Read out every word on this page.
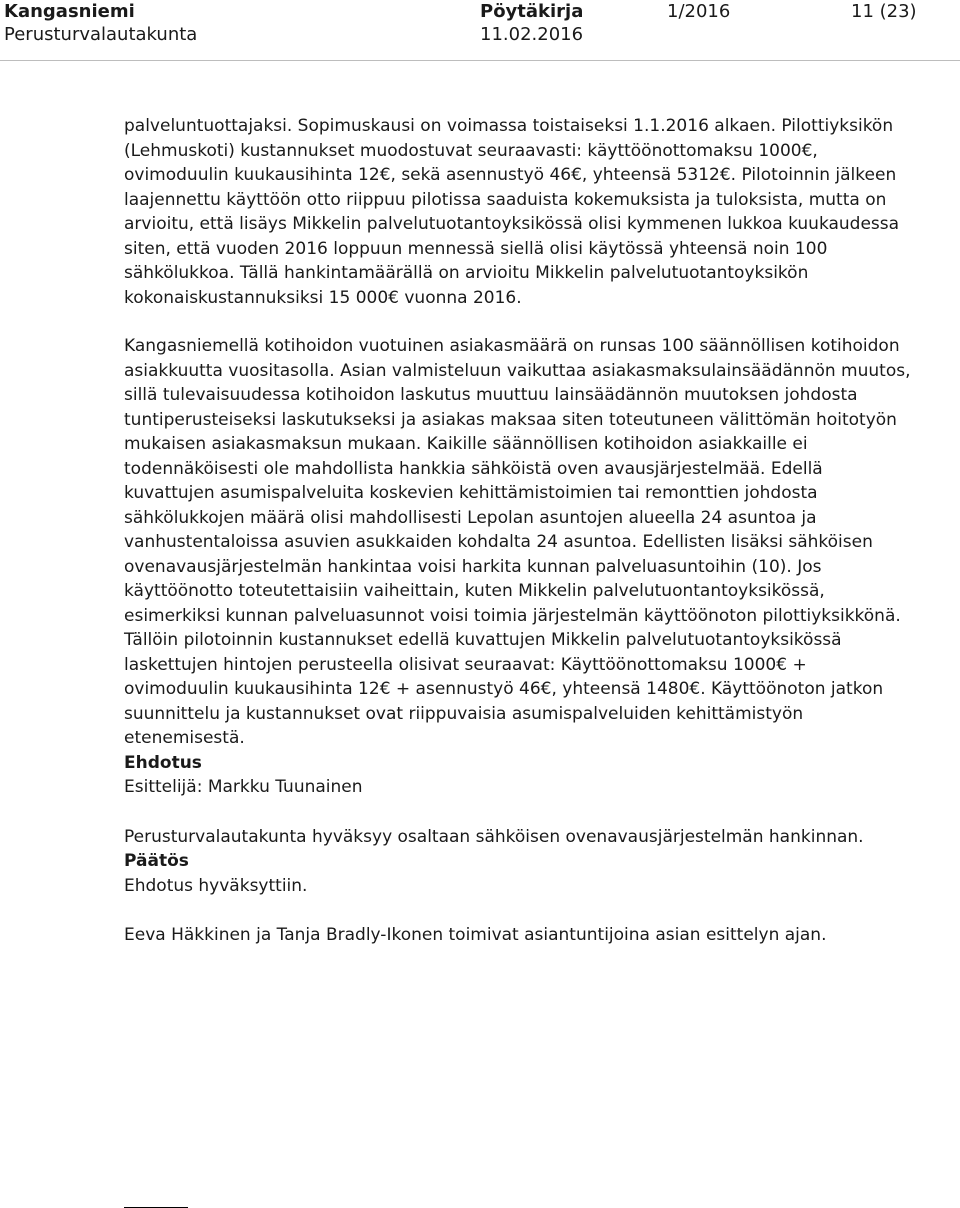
Kangasniemi	Pöytäkirja	1/2016	11 (23)
Perusturvalautakunta	11.02.2016

palveluntuottajaksi. Sopimuskausi on voimassa toistaiseksi 1.1.2016 alkaen. Pilottiyksikön (Lehmuskoti) kustannukset muodostuvat seuraavasti: käyttöönottomaksu 1000€, ovimoduulin kuukausihinta 12€, sekä asennustyö 46€, yhteensä 5312€. Pilotoinnin jälkeen laajennettu käyttöön otto riippuu pilotissa saaduista kokemuksista ja tuloksista, mutta on arvioitu, että lisäys Mikkelin palvelutuotantoyksikössä olisi kymmenen lukkoa kuukaudessa siten, että vuoden 2016 loppuun mennessä siellä olisi käytössä yhteensä noin 100 sähkölukkoa. Tällä hankintamäärällä on arvioitu Mikkelin palvelutuotantoyksikön kokonaiskustannuksiksi 15 000€ vuonna 2016.

Kangasniemellä kotihoidon vuotuinen asiakasmäärä on runsas 100 säännöllisen kotihoidon asiakkuutta vuositasolla. Asian valmisteluun vaikuttaa asiakasmaksulainsäädännön muutos, sillä tulevaisuudessa kotihoidon laskutus muuttuu lainsäädännön muutoksen johdosta tuntiperusteiseksi laskutukseksi ja asiakas maksaa siten toteutuneen välittömän hoitotyön mukaisen asiakasmaksun mukaan. Kaikille säännöllisen kotihoidon asiakkaille ei todennäköisesti ole mahdollista hankkia sähköistä oven avausjärjestelmää. Edellä kuvattujen asumispalveluita koskevien kehittämistoimien tai remonttien johdosta sähkölukkojen määrä olisi mahdollisesti Lepolan asuntojen alueella 24 asuntoa ja vanhustentaloissa asuvien asukkaiden kohdalta 24 asuntoa. Edellisten lisäksi sähköisen ovenavausjärjestelmän hankintaa voisi harkita kunnan palveluasuntoihin (10). Jos käyttöönotto toteutettaisiin vaiheittain, kuten Mikkelin palvelutuontantoyksikössä, esimerkiksi kunnan palveluasunnot voisi toimia järjestelmän käyttöönoton pilottiyksikkönä. Tällöin pilotoinnin kustannukset edellä kuvattujen Mikkelin palvelutuotantoyksikössä laskettujen hintojen perusteella olisivat seuraavat: Käyttöönottomaksu 1000€ + ovimoduulin kuukausihinta 12€ + asennustyö 46€, yhteensä 1480€. Käyttöönoton jatkon suunnittelu ja kustannukset ovat riippuvaisia asumispalveluiden kehittämistyön etenemisestä.

Ehdotus

Esittelijä: Markku Tuunainen

Perusturvalautakunta hyväksyy osaltaan sähköisen ovenavausjärjestelmän hankinnan.

Päätös

Ehdotus hyväksyttiin.

Eeva Häkkinen ja Tanja Bradly-Ikonen toimivat asiantuntijoina asian esittelyn ajan.
